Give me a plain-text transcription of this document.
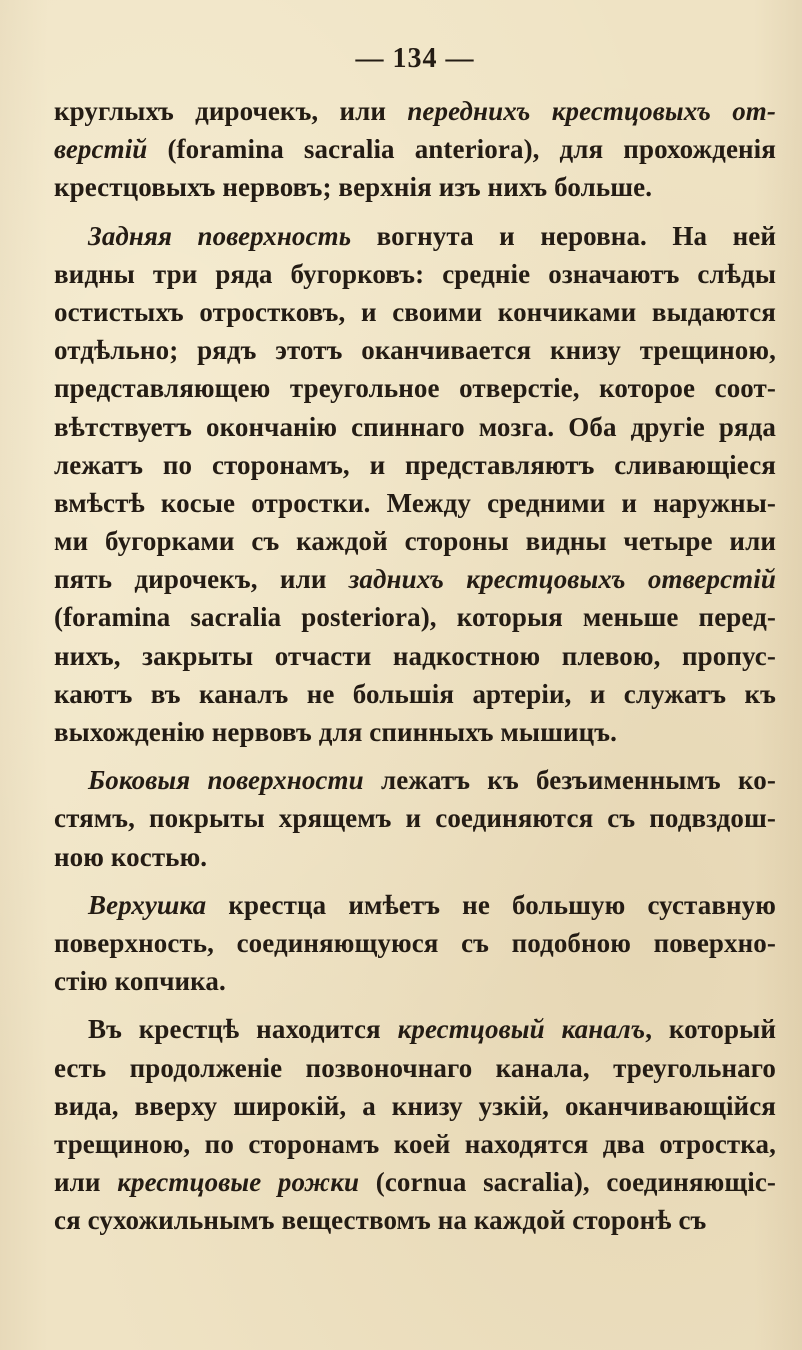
— 134 —
круглыхъ дирочекъ, или переднихъ крестцовыхъ от-
верстій (foramina sacralia anteriora), для прохожденія
крестцовыхъ нервовъ; верхнія изъ нихъ больше.
Задняя поверхность вогнута и неровна. На ней
видны три ряда бугорковъ: средніе означаютъ слѣды
остистыхъ отростковъ, и своими кончиками выдаются
отдѣльно; рядъ этотъ оканчивается книзу трещиною,
представляющею треугольное отверстіе, которое соот-
вѣтствуетъ окончанію спиннаго мозга. Оба другіе ряда
лежатъ по сторонамъ, и представляютъ сливающіеся
вмѣстѣ косые отростки. Между средними и наружны-
ми бугорками съ каждой стороны видны четыре или
пять дирочекъ, или заднихъ крестцовыхъ отверстій
(foramina sacralia posteriora), которыя меньше перед-
нихъ, закрыты отчасти надкостною плевою, пропус-
каютъ въ каналъ не большія артеріи, и служатъ къ
выхожденію нервовъ для спинныхъ мышицъ.
Боковыя поверхности лежатъ къ безъименнымъ ко-
стямъ, покрыты хрящемъ и соединяются съ подвздош-
ною костью.
Верхушка крестца имѣетъ не большую суставную
поверхность, соединяющуюся съ подобною поверхно-
стію копчика.
Въ крестцѣ находится крестцовый каналъ, который
есть продолженіе позвоночнаго канала, треугольнаго
вида, вверху широкій, а книзу узкій, оканчивающійся
трещиною, по сторонамъ коей находятся два отростка,
или крестцовые рожки (cornua sacralia), соединяющіс-
ся сухожильнымъ веществомъ на каждой сторонѣ съ
